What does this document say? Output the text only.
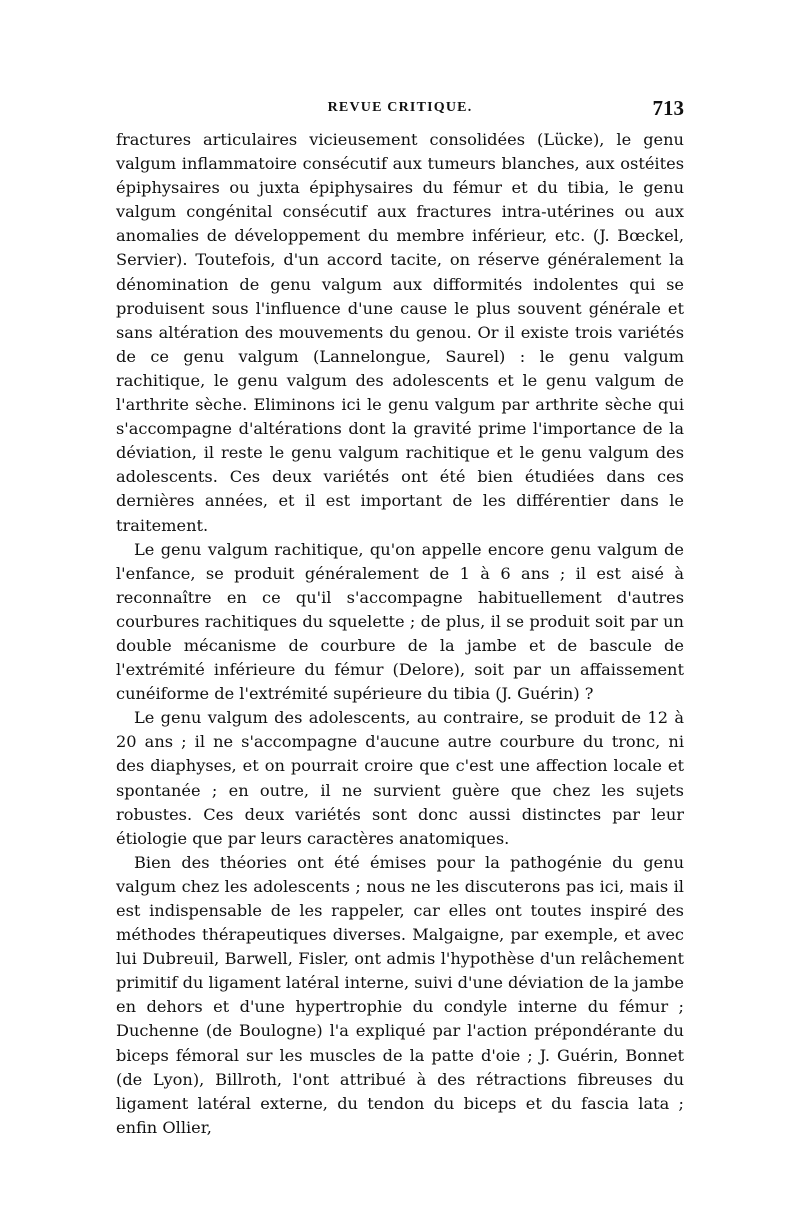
REVUE CRITIQUE.	713

fractures articulaires vicieusement consolidées (Lücke), le genu valgum inflammatoire consécutif aux tumeurs blanches, aux ostéites épiphysaires ou juxta épiphysaires du fémur et du tibia, le genu valgum congénital consécutif aux fractures intra-utérines ou aux anomalies de développement du membre inférieur, etc. (J. Bœckel, Servier). Toutefois, d'un accord tacite, on réserve généralement la dénomination de genu valgum aux difformités indolentes qui se produisent sous l'influence d'une cause le plus souvent générale et sans altération des mouvements du genou. Or il existe trois variétés de ce genu valgum (Lannelongue, Saurel) : le genu valgum rachitique, le genu valgum des adolescents et le genu valgum de l'arthrite sèche. Eliminons ici le genu valgum par arthrite sèche qui s'accompagne d'altérations dont la gravité prime l'importance de la déviation, il reste le genu valgum rachitique et le genu valgum des adolescents. Ces deux variétés ont été bien étudiées dans ces dernières années, et il est important de les différentier dans le traitement.

Le genu valgum rachitique, qu'on appelle encore genu valgum de l'enfance, se produit généralement de 1 à 6 ans ; il est aisé à reconnaître en ce qu'il s'accompagne habituellement d'autres courbures rachitiques du squelette ; de plus, il se produit soit par un double mécanisme de courbure de la jambe et de bascule de l'extrémité inférieure du fémur (Delore), soit par un affaissement cunéiforme de l'extrémité supérieure du tibia (J. Guérin) ?

Le genu valgum des adolescents, au contraire, se produit de 12 à 20 ans ; il ne s'accompagne d'aucune autre courbure du tronc, ni des diaphyses, et on pourrait croire que c'est une affection locale et spontanée ; en outre, il ne survient guère que chez les sujets robustes. Ces deux variétés sont donc aussi distinctes par leur étiologie que par leurs caractères anatomiques.

Bien des théories ont été émises pour la pathogénie du genu valgum chez les adolescents ; nous ne les discuterons pas ici, mais il est indispensable de les rappeler, car elles ont toutes inspiré des méthodes thérapeutiques diverses. Malgaigne, par exemple, et avec lui Dubreuil, Barwell, Fisler, ont admis l'hypothèse d'un relâchement primitif du ligament latéral interne, suivi d'une déviation de la jambe en dehors et d'une hypertrophie du condyle interne du fémur ; Duchenne (de Boulogne) l'a expliqué par l'action prépondérante du biceps fémoral sur les muscles de la patte d'oie ; J. Guérin, Bonnet (de Lyon), Billroth, l'ont attribué à des rétractions fibreuses du ligament latéral externe, du tendon du biceps et du fascia lata ; enfin Ollier,
